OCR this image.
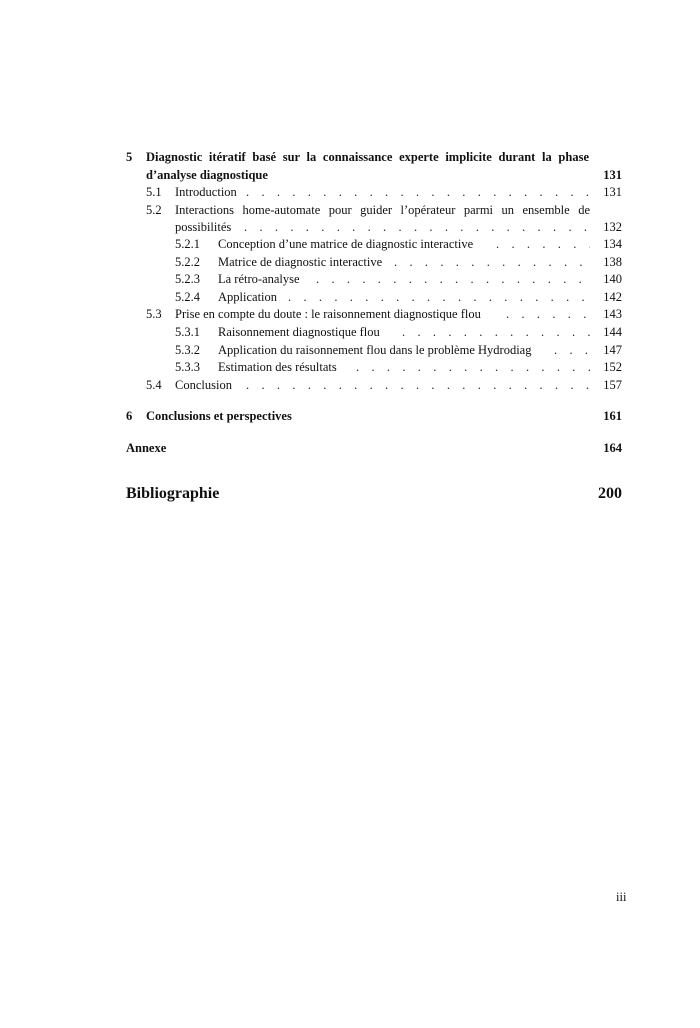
5 Diagnostic itératif basé sur la connaissance experte implicite durant la phase
d’analyse diagnostique	131
5.1 Introduction . . .	131
5.2 Interactions home-automate pour guider l’opérateur parmi un ensemble de
possibilités . . .	132
5.2.1 Conception d’une matrice de diagnostic interactive . . .	134
5.2.2 Matrice de diagnostic interactive . . .	138
5.2.3 La rétro-analyse . . .	140
5.2.4 Application . . .	142
5.3 Prise en compte du doute : le raisonnement diagnostique flou . . .	143
5.3.1 Raisonnement diagnostique flou . . .	144
5.3.2 Application du raisonnement flou dans le problème Hydrodiag . . .	147
5.3.3 Estimation des résultats . . .	152
5.4 Conclusion . . .	157
6 Conclusions et perspectives	161
Annexe	164
Bibliographie	200
iii
